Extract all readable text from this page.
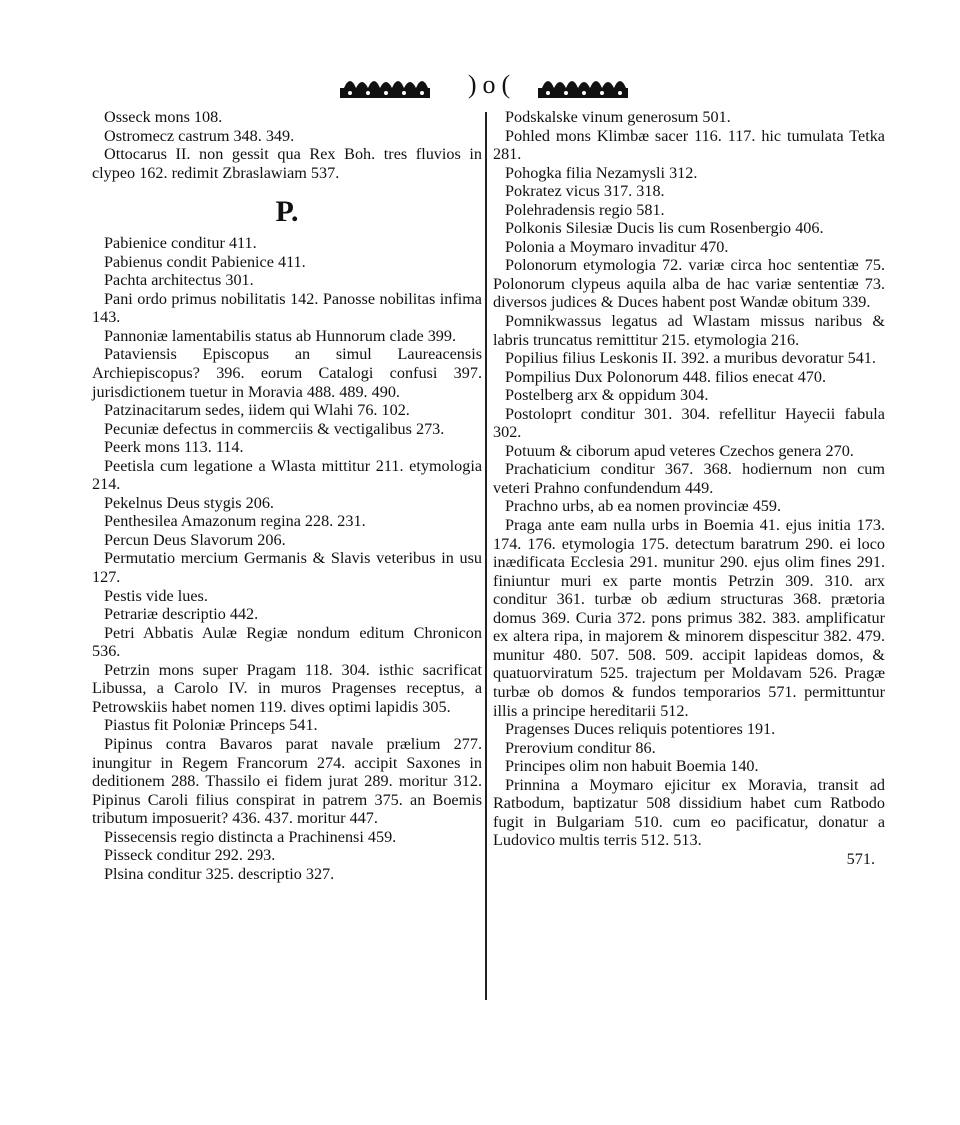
)o(

Osseck mons 108.

Ostromecz castrum 348. 349.

Ottocarus II. non gessit qua Rex Boh. tres fluvios in clypeo 162. redimit Zbraslawiam 537.

P.

Pabienice conditur 411.

Pabienus condit Pabienice 411.

Pachta architectus 301.

Pani ordo primus nobilitatis 142. Panosse nobilitas infima 143.

Pannoniæ lamentabilis status ab Hunnorum clade 399.

Pataviensis Episcopus an simul Laureacensis Archiepiscopus? 396. eorum Catalogi confusi 397. jurisdictionem tuetur in Moravia 488. 489. 490.

Patzinacitarum sedes, iidem qui Wlahi 76. 102.

Pecuniæ defectus in commerciis & vectigalibus 273.

Peerk mons 113. 114.

Peetisla cum legatione a Wlasta mittitur 211. etymologia 214.

Pekelnus Deus stygis 206.

Penthesilea Amazonum regina 228. 231.

Percun Deus Slavorum 206.

Permutatio mercium Germanis & Slavis veteribus in usu 127.

Pestis vide lues.

Petrariæ descriptio 442.

Petri Abbatis Aulæ Regiæ nondum editum Chronicon 536.

Petrzin mons super Pragam 118. 304. isthic sacrificat Libussa, a Carolo IV. in muros Pragenses receptus, a Petrowskiis habet nomen 119. dives optimi lapidis 305.

Piastus fit Poloniæ Princeps 541.

Pipinus contra Bavaros parat navale prælium 277. inungitur in Regem Francorum 274. accipit Saxones in deditionem 288. Thassilo ei fidem jurat 289. moritur 312. Pipinus Caroli filius conspirat in patrem 375. an Boemis tributum imposuerit? 436. 437. moritur 447.

Pissecensis regio distincta a Prachinensi 459.

Pisseck conditur 292. 293.

Plsina conditur 325. descriptio 327.

Podskalske vinum generosum 501.

Pohled mons Klimbæ sacer 116. 117. hic tumulata Tetka 281.

Pohogka filia Nezamysli 312.

Pokratez vicus 317. 318.

Polehradensis regio 581.

Polkonis Silesiæ Ducis lis cum Rosenbergio 406.

Polonia a Moymaro invaditur 470.

Polonorum etymologia 72. variæ circa hoc sententiæ 75. Polonorum clypeus aquila alba de hac variæ sententiæ 73. diversos judices & Duces habent post Wandæ obitum 339.

Pomnikwassus legatus ad Wlastam missus naribus & labris truncatus remittitur 215. etymologia 216.

Popilius filius Leskonis II. 392. a muribus devoratur 541.

Pompilius Dux Polonorum 448. filios enecat 470.

Postelberg arx & oppidum 304.

Postoloprt conditur 301. 304. refellitur Hayecii fabula 302.

Potuum & ciborum apud veteres Czechos genera 270.

Prachaticium conditur 367. 368. hodiernum non cum veteri Prahno confundendum 449.

Prachno urbs, ab ea nomen provinciæ 459.

Praga ante eam nulla urbs in Boemia 41. ejus initia 173. 174. 176. etymologia 175. detectum baratrum 290. ei loco inædificata Ecclesia 291. munitur 290. ejus olim fines 291. finiuntur muri ex parte montis Petrzin 309. 310. arx conditur 361. turbæ ob ædium structuras 368. prætoria domus 369. Curia 372. pons primus 382. 383. amplificatur ex altera ripa, in majorem & minorem dispescitur 382. 479. munitur 480. 507. 508. 509. accipit lapideas domos, & quatuorviratum 525. trajectum per Moldavam 526. Pragæ turbæ ob domos & fundos temporarios 571. permittuntur illis a principe hereditarii 512.

Pragenses Duces reliquis potentiores 191.

Prerovium conditur 86.

Principes olim non habuit Boemia 140.

Prinnina a Moymaro ejicitur ex Moravia, transit ad Ratbodum, baptizatur 508 dissidium habet cum Ratbodo fugit in Bulgariam 510. cum eo pacificatur, donatur a Ludovico multis terris 512. 513.

571.
